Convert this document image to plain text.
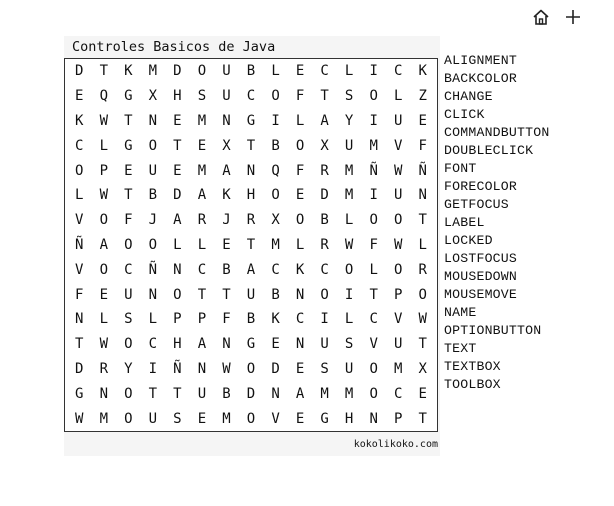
Controles Basicos de Java
D	T	K	M	D	O	U	B	L	E	C	L	I	C	K
E	Q	G	X	H	S	U	C	O	F	T	S	O	L	Z
K	W	T	N	E	M	N	G	I	L	A	Y	I	U	E
C	L	G	O	T	E	X	T	B	O	X	U	M	V	F
O	P	E	U	E	M	A	N	Q	F	R	M	Ñ	W	Ñ
L	W	T	B	D	A	K	H	O	E	D	M	I	U	N
V	O	F	J	A	R	J	R	X	O	B	L	O	O	T
Ñ	A	O	O	L	L	E	T	M	L	R	W	F	W	L
V	O	C	Ñ	N	C	B	A	C	K	C	O	L	O	R
F	E	U	N	O	T	T	U	B	N	O	I	T	P	O
N	L	S	L	P	P	F	B	K	C	I	L	C	V	W
T	W	O	C	H	A	N	G	E	N	U	S	V	U	T
D	R	Y	I	Ñ	N	W	O	D	E	S	U	O	M	X
G	N	O	T	T	U	B	D	N	A	M	M	O	C	E
W	M	O	U	S	E	M	O	V	E	G	H	N	P	T
kokolikoko.com
ALIGNMENT
BACKCOLOR
CHANGE
CLICK
COMMANDBUTTON
DOUBLECLICK
FONT
FORECOLOR
GETFOCUS
LABEL
LOCKED
LOSTFOCUS
MOUSEDOWN
MOUSEMOVE
NAME
OPTIONBUTTON
TEXT
TEXTBOX
TOOLBOX
